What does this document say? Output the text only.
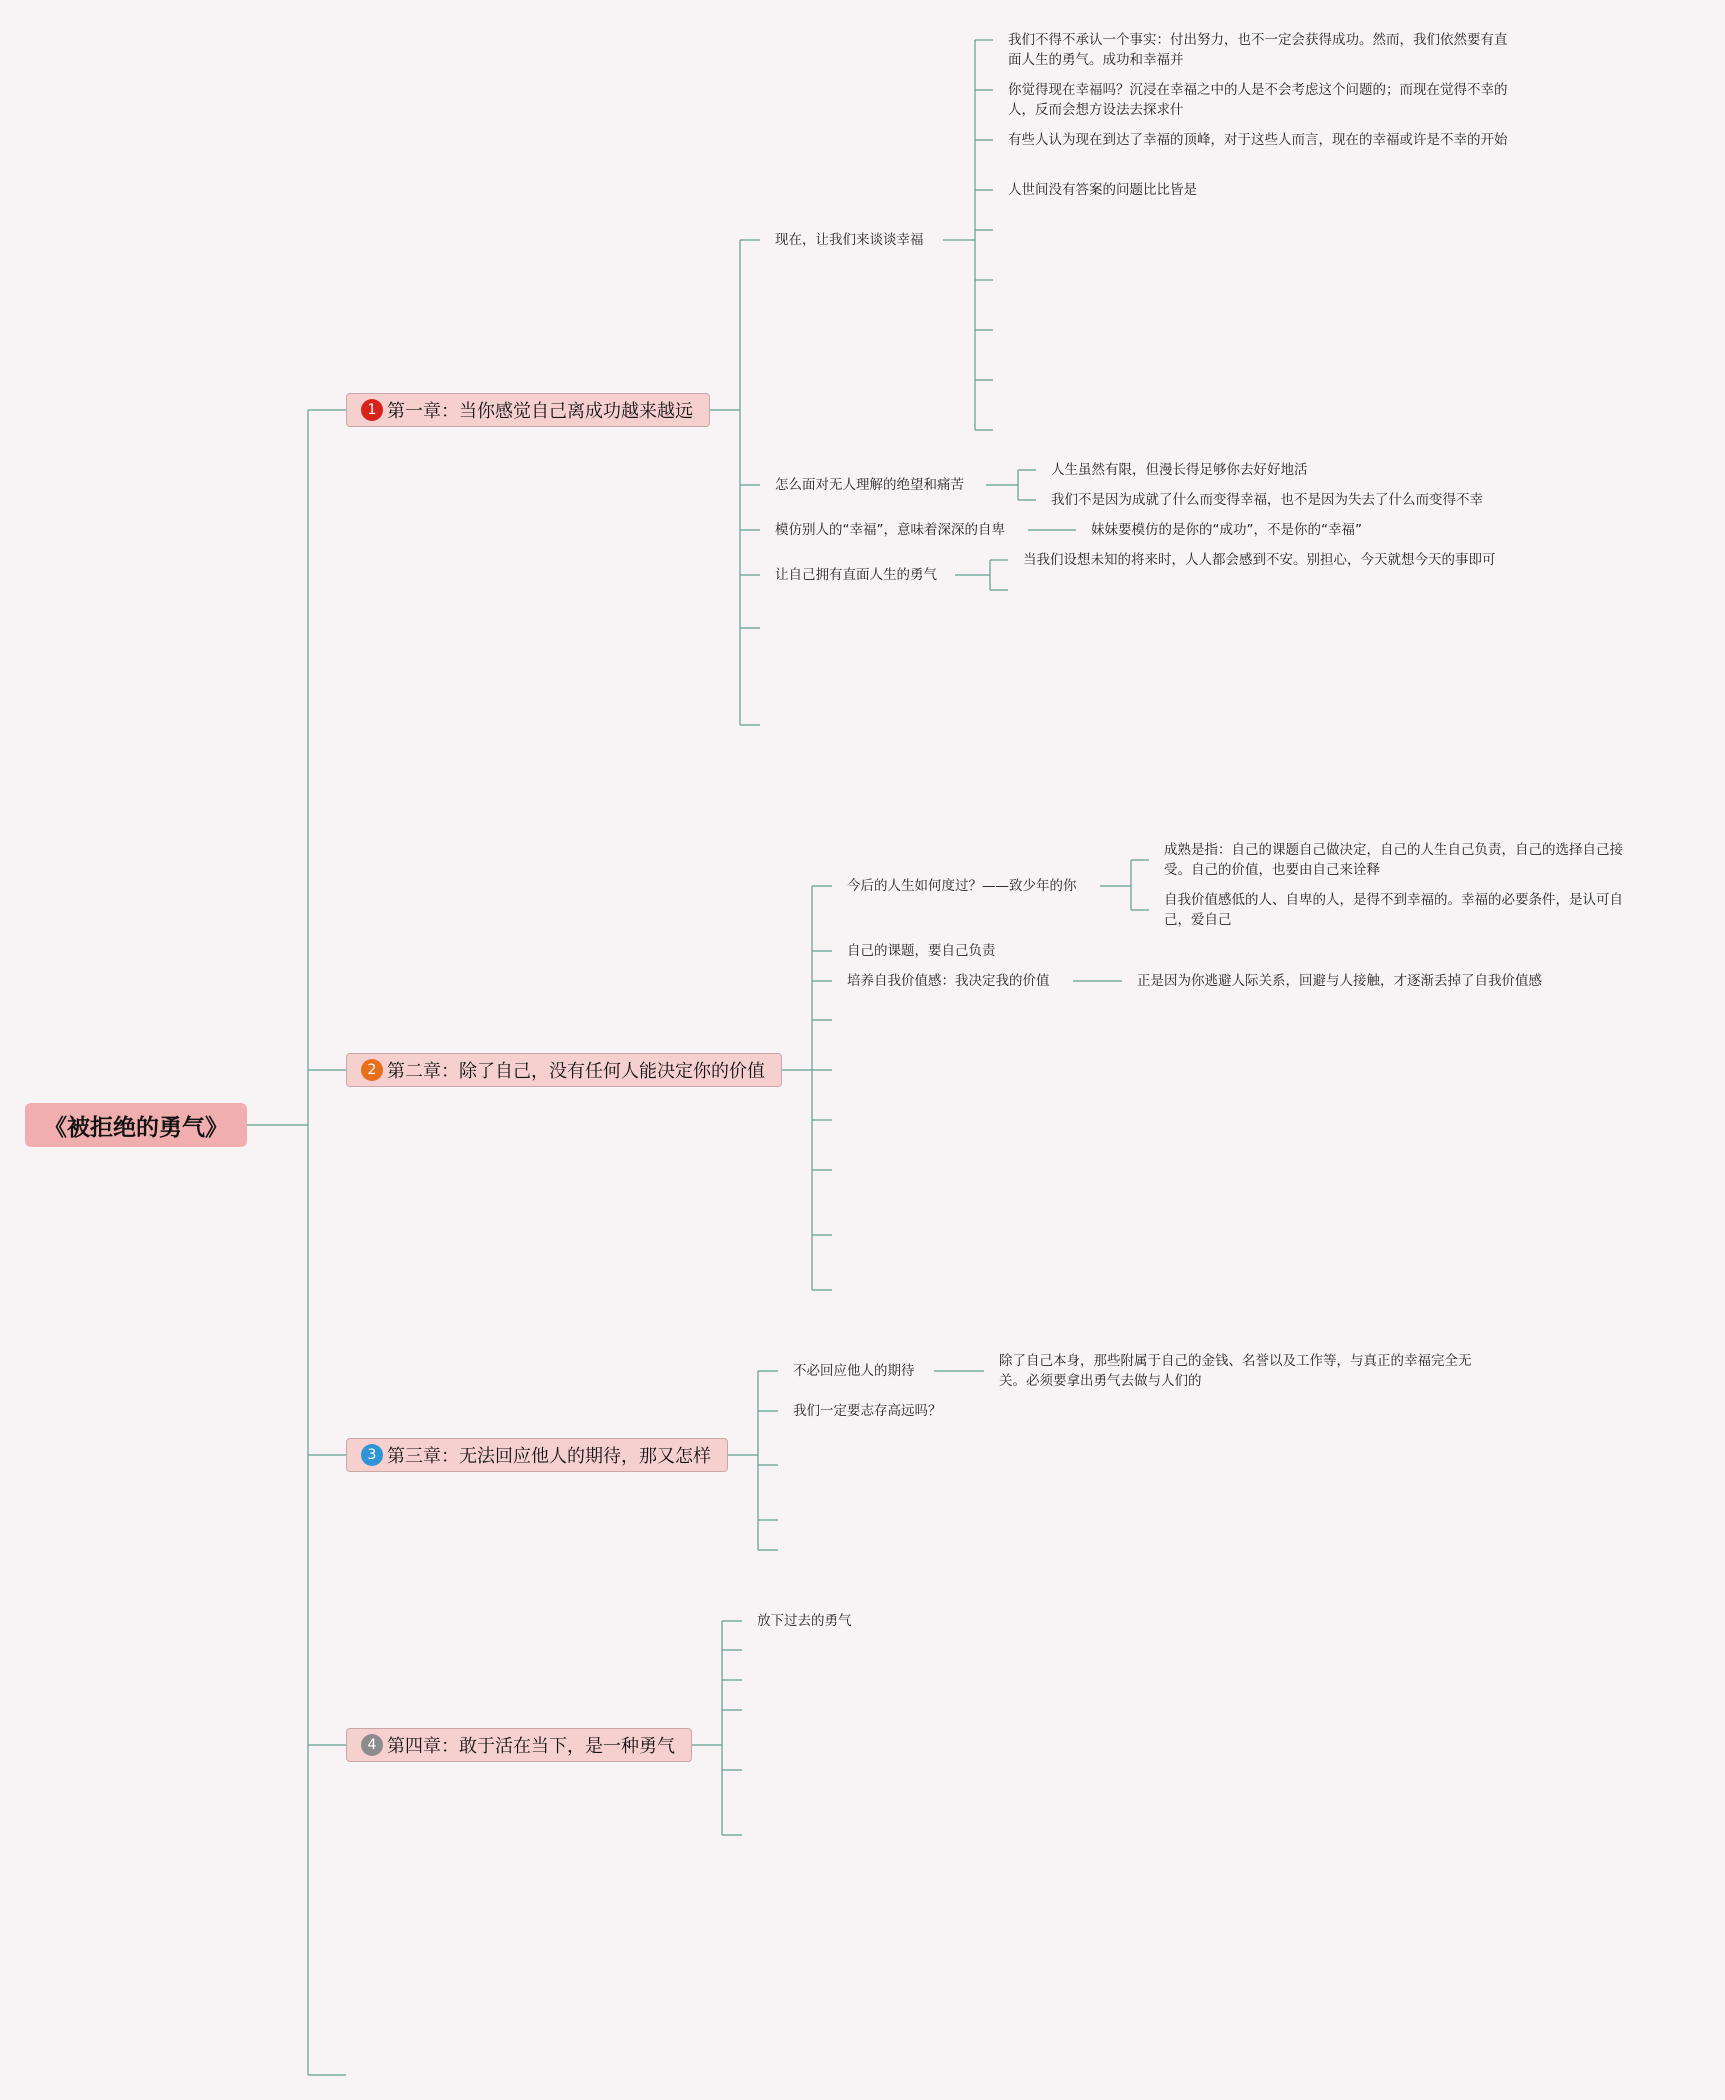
《被拒绝的勇气》
1 第一章：当你感觉自己离成功越来越远
现在，让我们来谈谈幸福
我们不得不承认一个事实：付出努力，也不一定会获得成功。然而，我们依然要有直面人生的勇气。成功和幸福并
你觉得现在幸福吗？沉浸在幸福之中的人是不会考虑这个问题的；而现在觉得不幸的人，反而会想方设法去探求什
有些人认为现在到达了幸福的顶峰，对于这些人而言，现在的幸福或许是不幸的开始
人世间没有答案的问题比比皆是
怎么面对无人理解的绝望和痛苦
人生虽然有限，但漫长得足够你去好好地活
我们不是因为成就了什么而变得幸福，也不是因为失去了什么而变得不幸
模仿别人的“幸福”，意味着深深的自卑	妹妹要模仿的是你的“成功”，不是你的“幸福”
让自己拥有直面人生的勇气
当我们设想未知的将来时，人人都会感到不安。别担心，今天就想今天的事即可
2 第二章：除了自己，没有任何人能决定你的价值
今后的人生如何度过？——致少年的你
成熟是指：自己的课题自己做决定，自己的人生自己负责，自己的选择自己接受。自己的价值，也要由自己来诠释
自我价值感低的人、自卑的人，是得不到幸福的。幸福的必要条件，是认可自己，爱自己
自己的课题，要自己负责
培养自我价值感：我决定我的价值	正是因为你逃避人际关系，回避与人接触，才逐渐丢掉了自我价值感
3 第三章：无法回应他人的期待，那又怎样
不必回应他人的期待
除了自己本身，那些附属于自己的金钱、名誉以及工作等，与真正的幸福完全无关。必须要拿出勇气去做与人们的
我们一定要志存高远吗？
4 第四章：敢于活在当下，是一种勇气
放下过去的勇气
